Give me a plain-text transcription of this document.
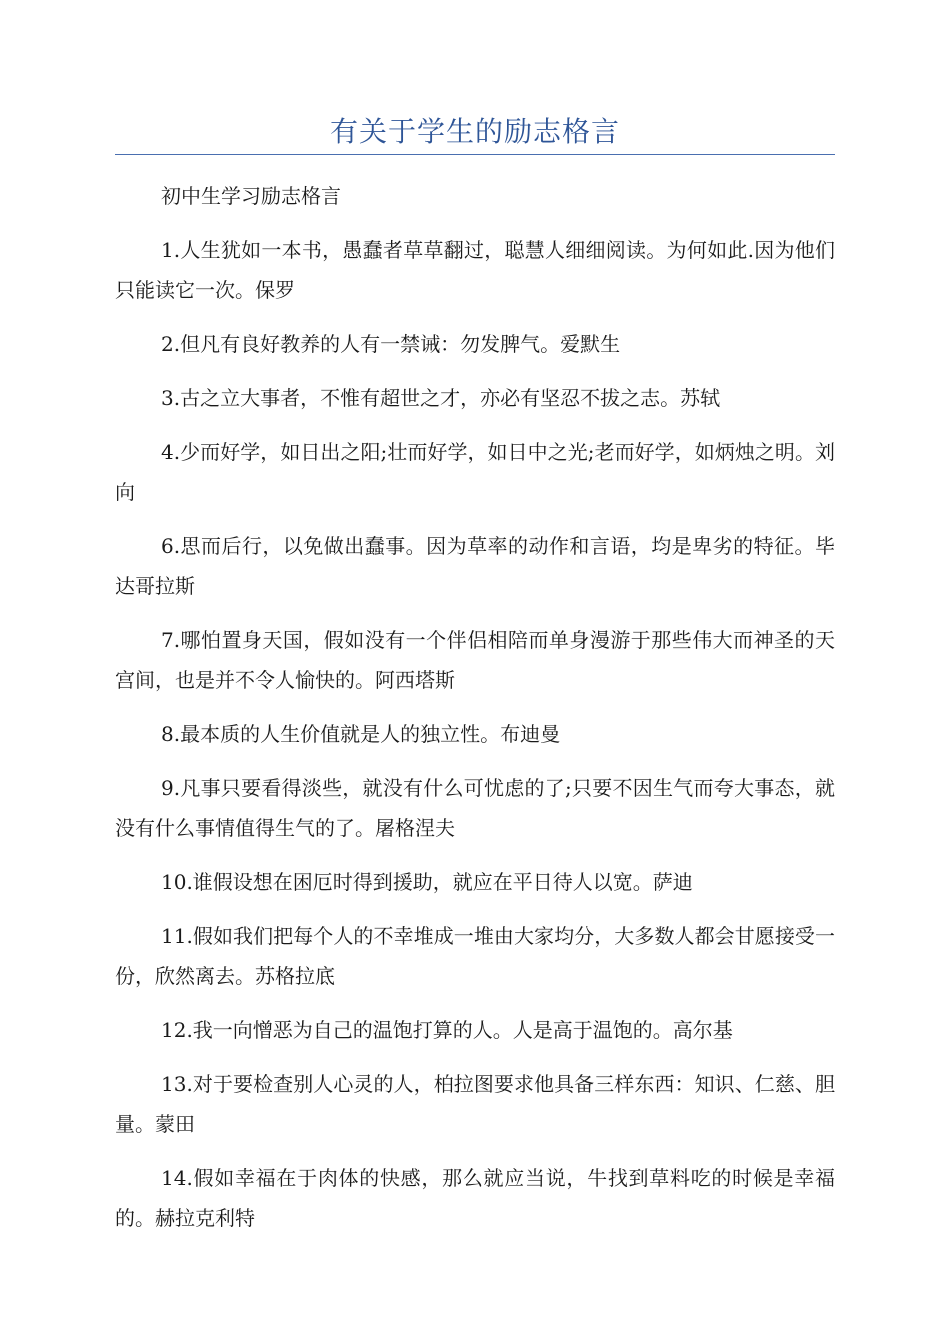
有关于学生的励志格言

初中生学习励志格言

1.人生犹如一本书，愚蠢者草草翻过，聪慧人细细阅读。为何如此.因为他们只能读它一次。保罗

2.但凡有良好教养的人有一禁诫：勿发脾气。爱默生

3.古之立大事者，不惟有超世之才，亦必有坚忍不拔之志。苏轼

4.少而好学，如日出之阳;壮而好学，如日中之光;老而好学，如炳烛之明。刘向

6.思而后行，以免做出蠢事。因为草率的动作和言语，均是卑劣的特征。毕达哥拉斯

7.哪怕置身天国，假如没有一个伴侣相陪而单身漫游于那些伟大而神圣的天宫间，也是并不令人愉快的。阿西塔斯

8.最本质的人生价值就是人的独立性。布迪曼

9.凡事只要看得淡些，就没有什么可忧虑的了;只要不因生气而夸大事态，就没有什么事情值得生气的了。屠格涅夫

10.谁假设想在困厄时得到援助，就应在平日待人以宽。萨迪

11.假如我们把每个人的不幸堆成一堆由大家均分，大多数人都会甘愿接受一份，欣然离去。苏格拉底

12.我一向憎恶为自己的温饱打算的人。人是高于温饱的。高尔基

13.对于要检查别人心灵的人，柏拉图要求他具备三样东西：知识、仁慈、胆量。蒙田

14.假如幸福在于肉体的快感，那么就应当说，牛找到草料吃的时候是幸福的。赫拉克利特
